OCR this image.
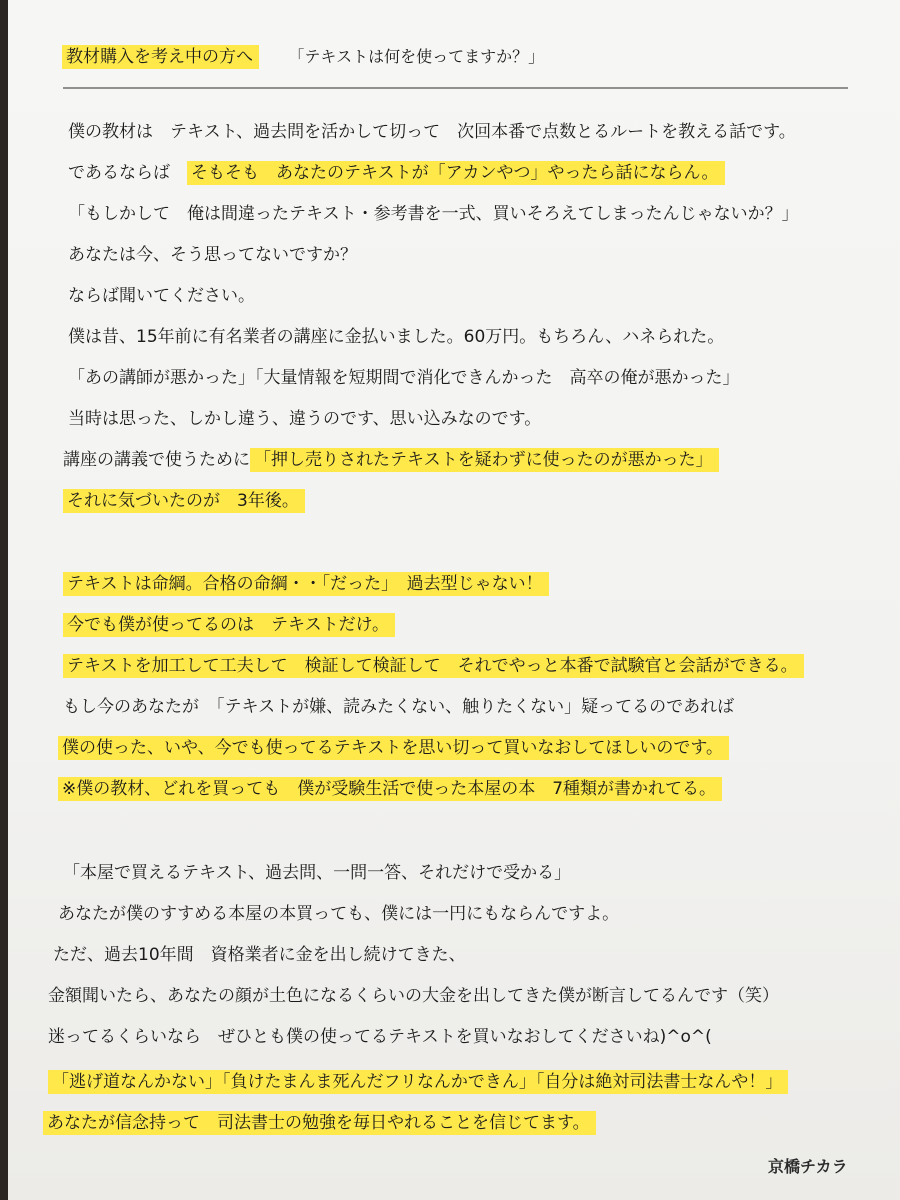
教材購入を考え中の方へ 「テキストは何を使ってますか？」
僕の教材は　テキスト、過去問を活かして切って　次回本番で点数とるルートを教える話です。
であるならば　そもそも　あなたのテキストが「アカンやつ」やったら話にならん。
「もしかして　俺は間違ったテキスト・参考書を一式、買いそろえてしまったんじゃないか？」
あなたは今、そう思ってないですか？
ならば聞いてください。
僕は昔、15年前に有名業者の講座に金払いました。60万円。もちろん、ハネられた。
「あの講師が悪かった」「大量情報を短期間で消化できんかった　高卒の俺が悪かった」
当時は思った、しかし違う、違うのです、思い込みなのです。
講座の講義で使うために 「押し売りされたテキストを疑わずに使ったのが悪かった」
それに気づいたのが　3年後。
テキストは命綱。合格の命綱・・「だった」　過去型じゃない！
今でも僕が使ってるのは　テキストだけ。
テキストを加工して工夫して　検証して検証して　それでやっと本番で試験官と会話ができる。
もし今のあなたが　「テキストが嫌、読みたくない、触りたくない」疑ってるのであれば
僕の使った、いや、今でも使ってるテキストを思い切って買いなおしてほしいのです。
※僕の教材、どれを買っても　僕が受験生活で使った本屋の本　7種類が書かれてる。
「本屋で買えるテキスト、過去問、一問一答、それだけで受かる」
あなたが僕のすすめる本屋の本買っても、僕には一円にもならんですよ。
ただ、過去10年間　資格業者に金を出し続けてきた、
金額聞いたら、あなたの顔が土色になるくらいの大金を出してきた僕が断言してるんです（笑）
迷ってるくらいなら　ぜひとも僕の使ってるテキストを買いなおしてくださいね)^o^(
「逃げ道なんかない」「負けたまんま死んだフリなんかできん」「自分は絶対司法書士なんや！」
あなたが信念持って　司法書士の勉強を毎日やれることを信じてます。
京橋チカラ
